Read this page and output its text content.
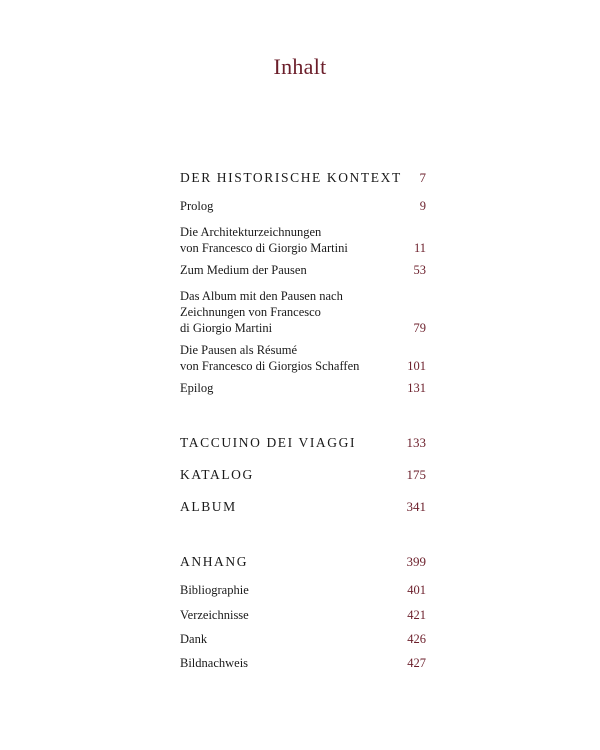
Inhalt
DER HISTORISCHE KONTEXT 7
Prolog	9
Die Architekturzeichnungen
von Francesco di Giorgio Martini	11
Zum Medium der Pausen	53
Das Album mit den Pausen nach
Zeichnungen von Francesco
di Giorgio Martini	79
Die Pausen als Résumé
von Francesco di Giorgios Schaffen	101
Epilog	131
TACCUINO DEI VIAGGI	133
KATALOG	175
ALBUM	341
ANHANG	399
Bibliographie	401
Verzeichnisse	421
Dank	426
Bildnachweis	427
